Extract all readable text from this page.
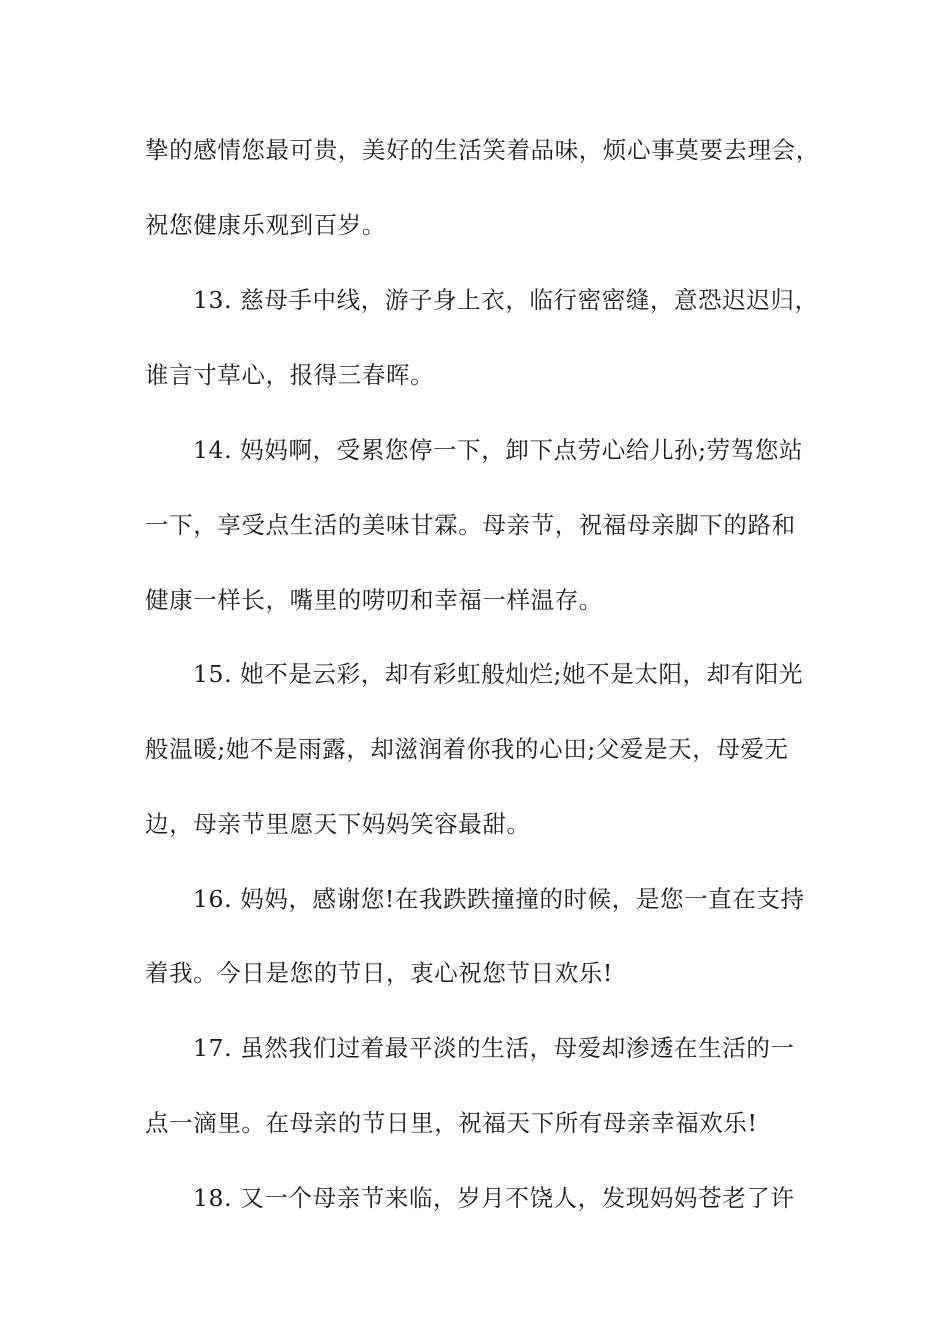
挚的感情您最可贵，美好的生活笑着品味，烦心事莫要去理会，
祝您健康乐观到百岁。
13. 慈母手中线，游子身上衣，临行密密缝，意恐迟迟归，
谁言寸草心，报得三春晖。
14. 妈妈啊，受累您停一下，卸下点劳心给儿孙;劳驾您站
一下，享受点生活的美味甘霖。母亲节，祝福母亲脚下的路和
健康一样长，嘴里的唠叨和幸福一样温存。
15. 她不是云彩，却有彩虹般灿烂;她不是太阳，却有阳光
般温暖;她不是雨露，却滋润着你我的心田;父爱是天，母爱无
边，母亲节里愿天下妈妈笑容最甜。
16. 妈妈，感谢您!在我跌跌撞撞的时候，是您一直在支持
着我。今日是您的节日，衷心祝您节日欢乐!
17. 虽然我们过着最平淡的生活，母爱却渗透在生活的一
点一滴里。在母亲的节日里，祝福天下所有母亲幸福欢乐!
18. 又一个母亲节来临，岁月不饶人，发现妈妈苍老了许
